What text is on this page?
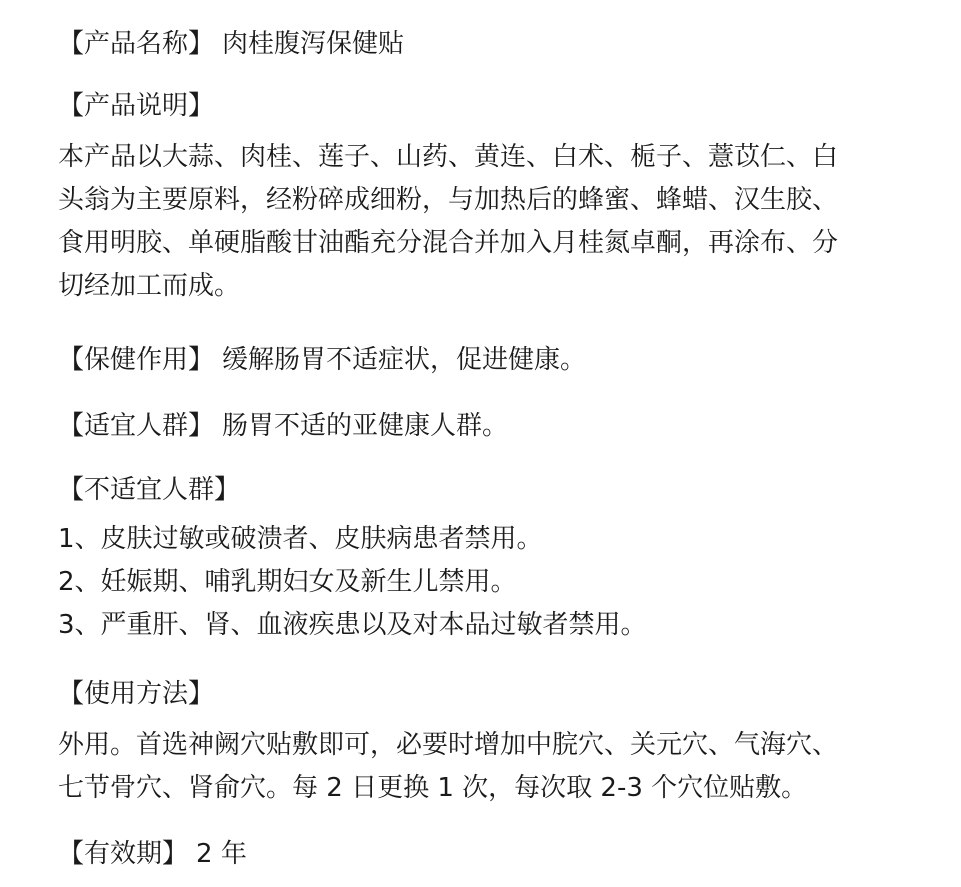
【产品名称】 肉桂腹泻保健贴
【产品说明】
本产品以大蒜、肉桂、莲子、山药、黄连、白术、栀子、薏苡仁、白
头翁为主要原料，经粉碎成细粉，与加热后的蜂蜜、蜂蜡、汉生胶、
食用明胶、单硬脂酸甘油酯充分混合并加入月桂氮卓酮，再涂布、分
切经加工而成。
【保健作用】 缓解肠胃不适症状，促进健康。
【适宜人群】 肠胃不适的亚健康人群。
【不适宜人群】
1、皮肤过敏或破溃者、皮肤病患者禁用。
2、妊娠期、哺乳期妇女及新生儿禁用。
3、严重肝、肾、血液疾患以及对本品过敏者禁用。
【使用方法】
外用。首选神阙穴贴敷即可，必要时增加中脘穴、关元穴、气海穴、
七节骨穴、肾俞穴。每 2 日更换 1 次，每次取 2-3 个穴位贴敷。
【有效期】 2 年
